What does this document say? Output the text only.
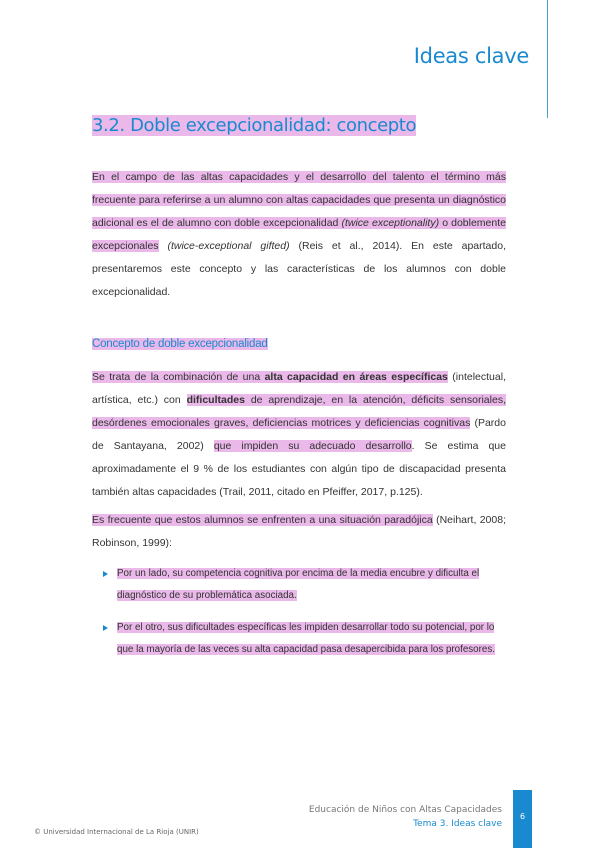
Ideas clave
3.2. Doble excepcionalidad: concepto
En el campo de las altas capacidades y el desarrollo del talento el término más frecuente para referirse a un alumno con altas capacidades que presenta un diagnóstico adicional es el de alumno con doble excepcionalidad (twice exceptionality) o doblemente excepcionales (twice-exceptional gifted) (Reis et al., 2014). En este apartado, presentaremos este concepto y las características de los alumnos con doble excepcionalidad.
Concepto de doble excepcionalidad
Se trata de la combinación de una alta capacidad en áreas específicas (intelectual, artística, etc.) con dificultades de aprendizaje, en la atención, déficits sensoriales, desórdenes emocionales graves, deficiencias motrices y deficiencias cognitivas (Pardo de Santayana, 2002) que impiden su adecuado desarrollo. Se estima que aproximadamente el 9 % de los estudiantes con algún tipo de discapacidad presenta también altas capacidades (Trail, 2011, citado en Pfeiffer, 2017, p.125).
Es frecuente que estos alumnos se enfrenten a una situación paradójica (Neihart, 2008; Robinson, 1999):
Por un lado, su competencia cognitiva por encima de la media encubre y dificulta el diagnóstico de su problemática asociada.
Por el otro, sus dificultades específicas les impiden desarrollar todo su potencial, por lo que la mayoría de las veces su alta capacidad pasa desapercibida para los profesores.
Educación de Niños con Altas Capacidades
Tema 3. Ideas clave
6
© Universidad Internacional de La Rioja (UNIR)
